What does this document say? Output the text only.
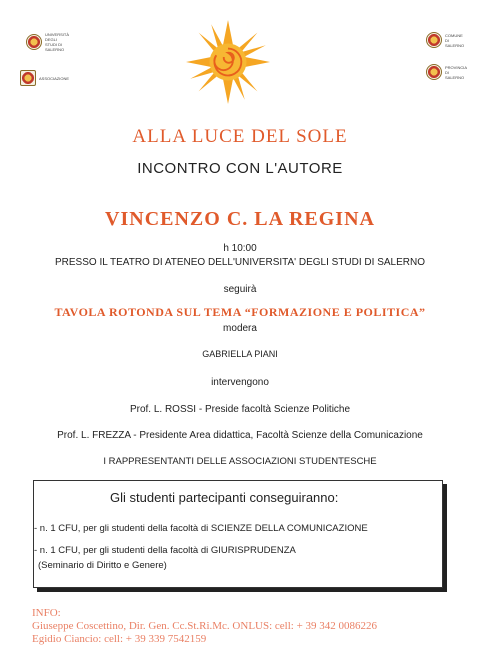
UNIVERSITÀ DEGLI STUDI DI SALERNO
ASSOCIAZIONE
COMUNE DI SALERNO
PROVINCIA DI SALERNO
ALLA LUCE DEL SOLE
INCONTRO CON L'AUTORE
VINCENZO C. LA REGINA
h 10:00
PRESSO IL TEATRO DI ATENEO DELL'UNIVERSITA' DEGLI STUDI DI SALERNO
seguirà
TAVOLA ROTONDA SUL TEMA “FORMAZIONE E POLITICA”
modera
GABRIELLA PIANI
intervengono
Prof. L. ROSSI - Preside facoltà Scienze Politiche
Prof. L. FREZZA - Presidente Area didattica, Facoltà Scienze della Comunicazione
I RAPPRESENTANTI DELLE ASSOCIAZIONI STUDENTESCHE
Gli studenti partecipanti conseguiranno:
- n. 1 CFU, per gli studenti della facoltà di SCIENZE DELLA COMUNICAZIONE
- n. 1 CFU, per gli studenti della facoltà di GIURISPRUDENZA
(Seminario di Diritto e Genere)
INFO:
Giuseppe Coscettino, Dir. Gen. Cc.St.Ri.Mc. ONLUS: cell: + 39 342 0086226
Egidio Ciancio: cell: + 39 339 7542159
